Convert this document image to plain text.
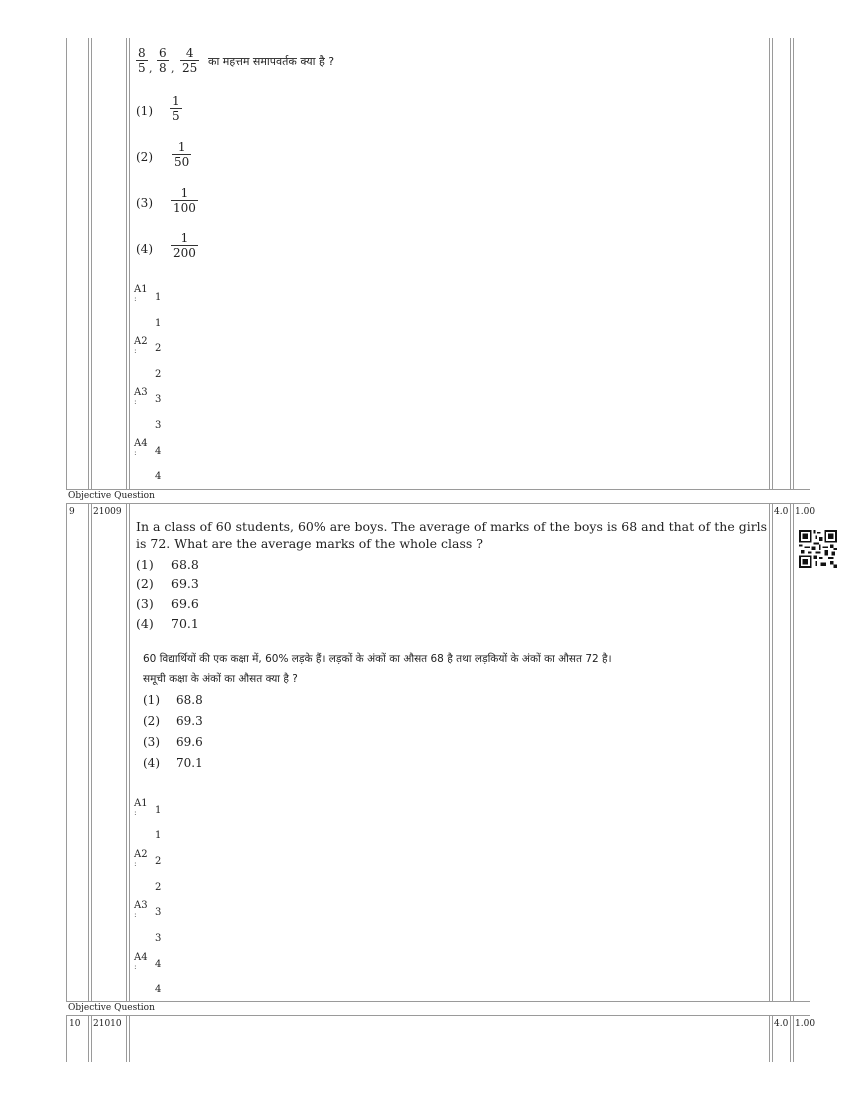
$\frac{8}{5}$ , $\frac{6}{8}$ , $\frac{4}{25}$ का महत्तम समापवर्तक क्या है ?
$(1) \frac{1}{5}$
$(2) \frac{1}{50}$
$(3) \frac{1}{100}$
$(4) \frac{1}{200}$
A1
:	1
1
A2
:	2
2
A3
:	3
3
A4
:	4
4
Objective Question
9 21009	4.0 1.00
In a class of 60 students, 60% are boys. The average of marks of the boys is 68 and that of the girls
is 72. What are the average marks of the whole class ?
(1) 68.8
(2) 69.3
(3) 69.6
(4) 70.1
60 विद्यार्थियों की एक कक्षा में, 60% लड़के हैं। लड़कों के अंकों का औसत 68 है तथा लड़कियों के अंकों का औसत 72 है।
समूची कक्षा के अंकों का औसत क्या है ?
(1) 68.8
(2) 69.3
(3) 69.6
(4) 70.1
A1
:	1
1
A2
:	2
2
A3
:	3
3
A4
:	4
4
Objective Question
10 21010	4.0 1.00
